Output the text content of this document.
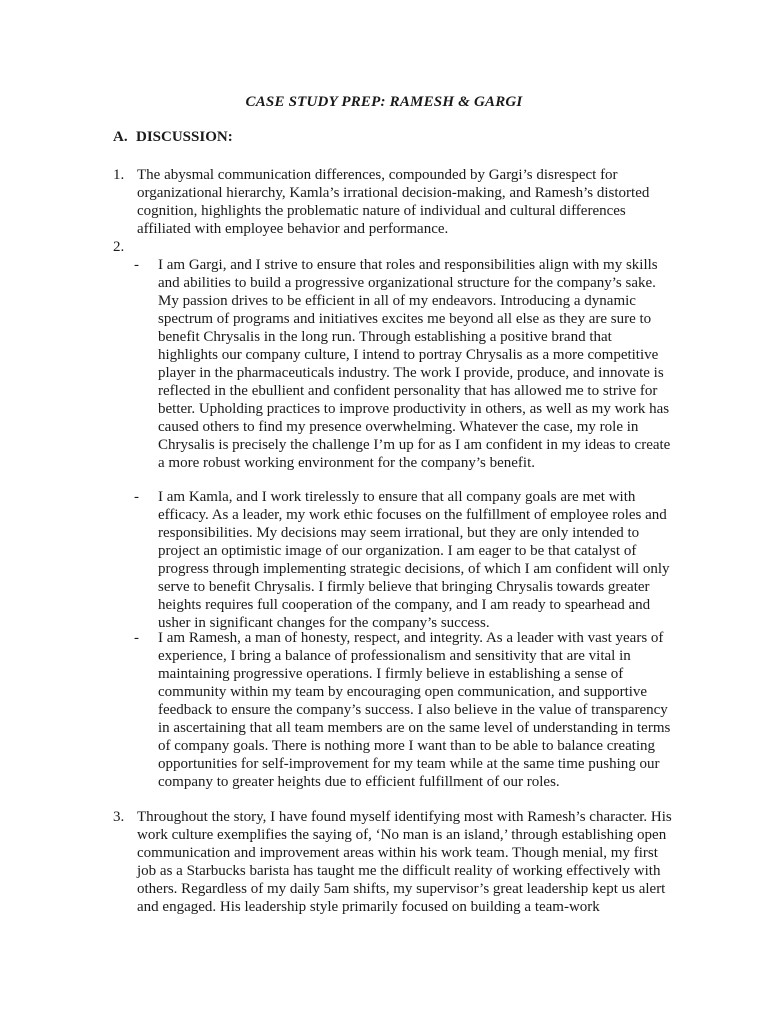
CASE STUDY PREP: RAMESH & GARGI
A. DISCUSSION:
1. The abysmal communication differences, compounded by Gargi’s disrespect for organizational hierarchy, Kamla’s irrational decision-making, and Ramesh’s distorted cognition, highlights the problematic nature of individual and cultural differences affiliated with employee behavior and performance.
2.
- I am Gargi, and I strive to ensure that roles and responsibilities align with my skills and abilities to build a progressive organizational structure for the company’s sake. My passion drives to be efficient in all of my endeavors. Introducing a dynamic spectrum of programs and initiatives excites me beyond all else as they are sure to benefit Chrysalis in the long run. Through establishing a positive brand that highlights our company culture, I intend to portray Chrysalis as a more competitive player in the pharmaceuticals industry. The work I provide, produce, and innovate is reflected in the ebullient and confident personality that has allowed me to strive for better. Upholding practices to improve productivity in others, as well as my work has caused others to find my presence overwhelming. Whatever the case, my role in Chrysalis is precisely the challenge I’m up for as I am confident in my ideas to create a more robust working environment for the company’s benefit.
- I am Kamla, and I work tirelessly to ensure that all company goals are met with efficacy. As a leader, my work ethic focuses on the fulfillment of employee roles and responsibilities. My decisions may seem irrational, but they are only intended to project an optimistic image of our organization. I am eager to be that catalyst of progress through implementing strategic decisions, of which I am confident will only serve to benefit Chrysalis. I firmly believe that bringing Chrysalis towards greater heights requires full cooperation of the company, and I am ready to spearhead and usher in significant changes for the company’s success.
- I am Ramesh, a man of honesty, respect, and integrity. As a leader with vast years of experience, I bring a balance of professionalism and sensitivity that are vital in maintaining progressive operations. I firmly believe in establishing a sense of community within my team by encouraging open communication, and supportive feedback to ensure the company’s success. I also believe in the value of transparency in ascertaining that all team members are on the same level of understanding in terms of company goals. There is nothing more I want than to be able to balance creating opportunities for self-improvement for my team while at the same time pushing our company to greater heights due to efficient fulfillment of our roles.
3. Throughout the story, I have found myself identifying most with Ramesh’s character. His work culture exemplifies the saying of, ‘No man is an island,’ through establishing open communication and improvement areas within his work team. Though menial, my first job as a Starbucks barista has taught me the difficult reality of working effectively with others. Regardless of my daily 5am shifts, my supervisor’s great leadership kept us alert and engaged. His leadership style primarily focused on building a team-work
